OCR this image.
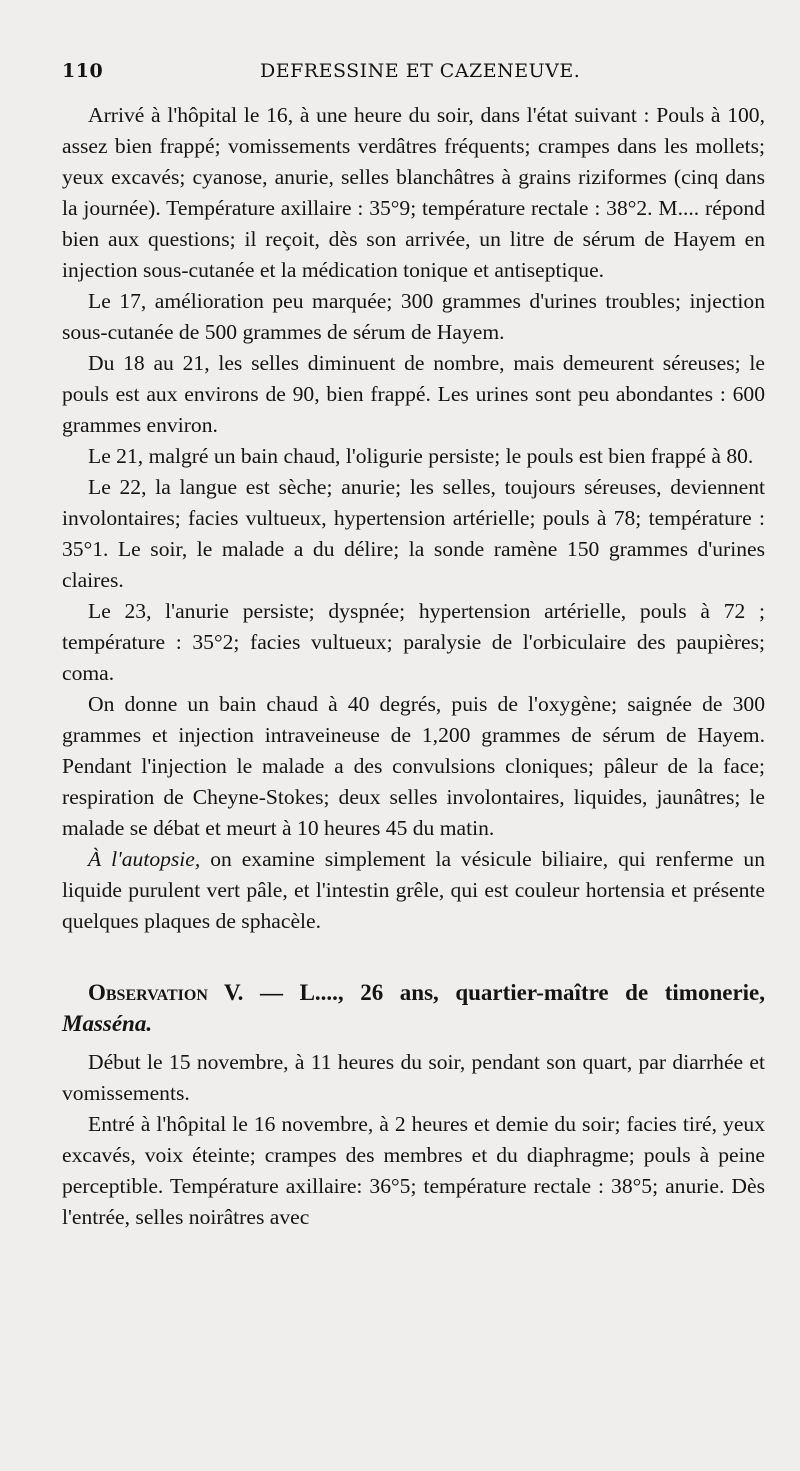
110	DEFRESSINE ET CAZENEUVE.

Arrivé à l'hôpital le 16, à une heure du soir, dans l'état suivant : Pouls à 100, assez bien frappé; vomissements verdâtres fréquents; crampes dans les mollets; yeux excavés; cyanose, anurie, selles blanchâtres à grains riziformes (cinq dans la journée). Température axillaire : 35°9; température rectale : 38°2. M.... répond bien aux questions; il reçoit, dès son arrivée, un litre de sérum de Hayem en injection sous-cutanée et la médication tonique et antiseptique.

Le 17, amélioration peu marquée; 300 grammes d'urines troubles; injection sous-cutanée de 500 grammes de sérum de Hayem.

Du 18 au 21, les selles diminuent de nombre, mais demeurent séreuses; le pouls est aux environs de 90, bien frappé. Les urines sont peu abondantes : 600 grammes environ.

Le 21, malgré un bain chaud, l'oligurie persiste; le pouls est bien frappé à 80.

Le 22, la langue est sèche; anurie; les selles, toujours séreuses, deviennent involontaires; facies vultueux, hypertension artérielle; pouls à 78; température : 35°1. Le soir, le malade a du délire; la sonde ramène 150 grammes d'urines claires.

Le 23, l'anurie persiste; dyspnée; hypertension artérielle, pouls à 72 ; température : 35°2; facies vultueux; paralysie de l'orbiculaire des paupières; coma.

On donne un bain chaud à 40 degrés, puis de l'oxygène; saignée de 300 grammes et injection intraveineuse de 1,200 grammes de sérum de Hayem. Pendant l'injection le malade a des convulsions cloniques; pâleur de la face; respiration de Cheyne-Stokes; deux selles involontaires, liquides, jaunâtres; le malade se débat et meurt à 10 heures 45 du matin.

À l'autopsie, on examine simplement la vésicule biliaire, qui renferme un liquide purulent vert pâle, et l'intestin grêle, qui est couleur hortensia et présente quelques plaques de sphacèle.

Observation V. — L...., 26 ans, quartier-maître de timonerie, Masséna.

Début le 15 novembre, à 11 heures du soir, pendant son quart, par diarrhée et vomissements.

Entré à l'hôpital le 16 novembre, à 2 heures et demie du soir; facies tiré, yeux excavés, voix éteinte; crampes des membres et du diaphragme; pouls à peine perceptible. Température axillaire: 36°5; température rectale : 38°5; anurie. Dès l'entrée, selles noirâtres avec
